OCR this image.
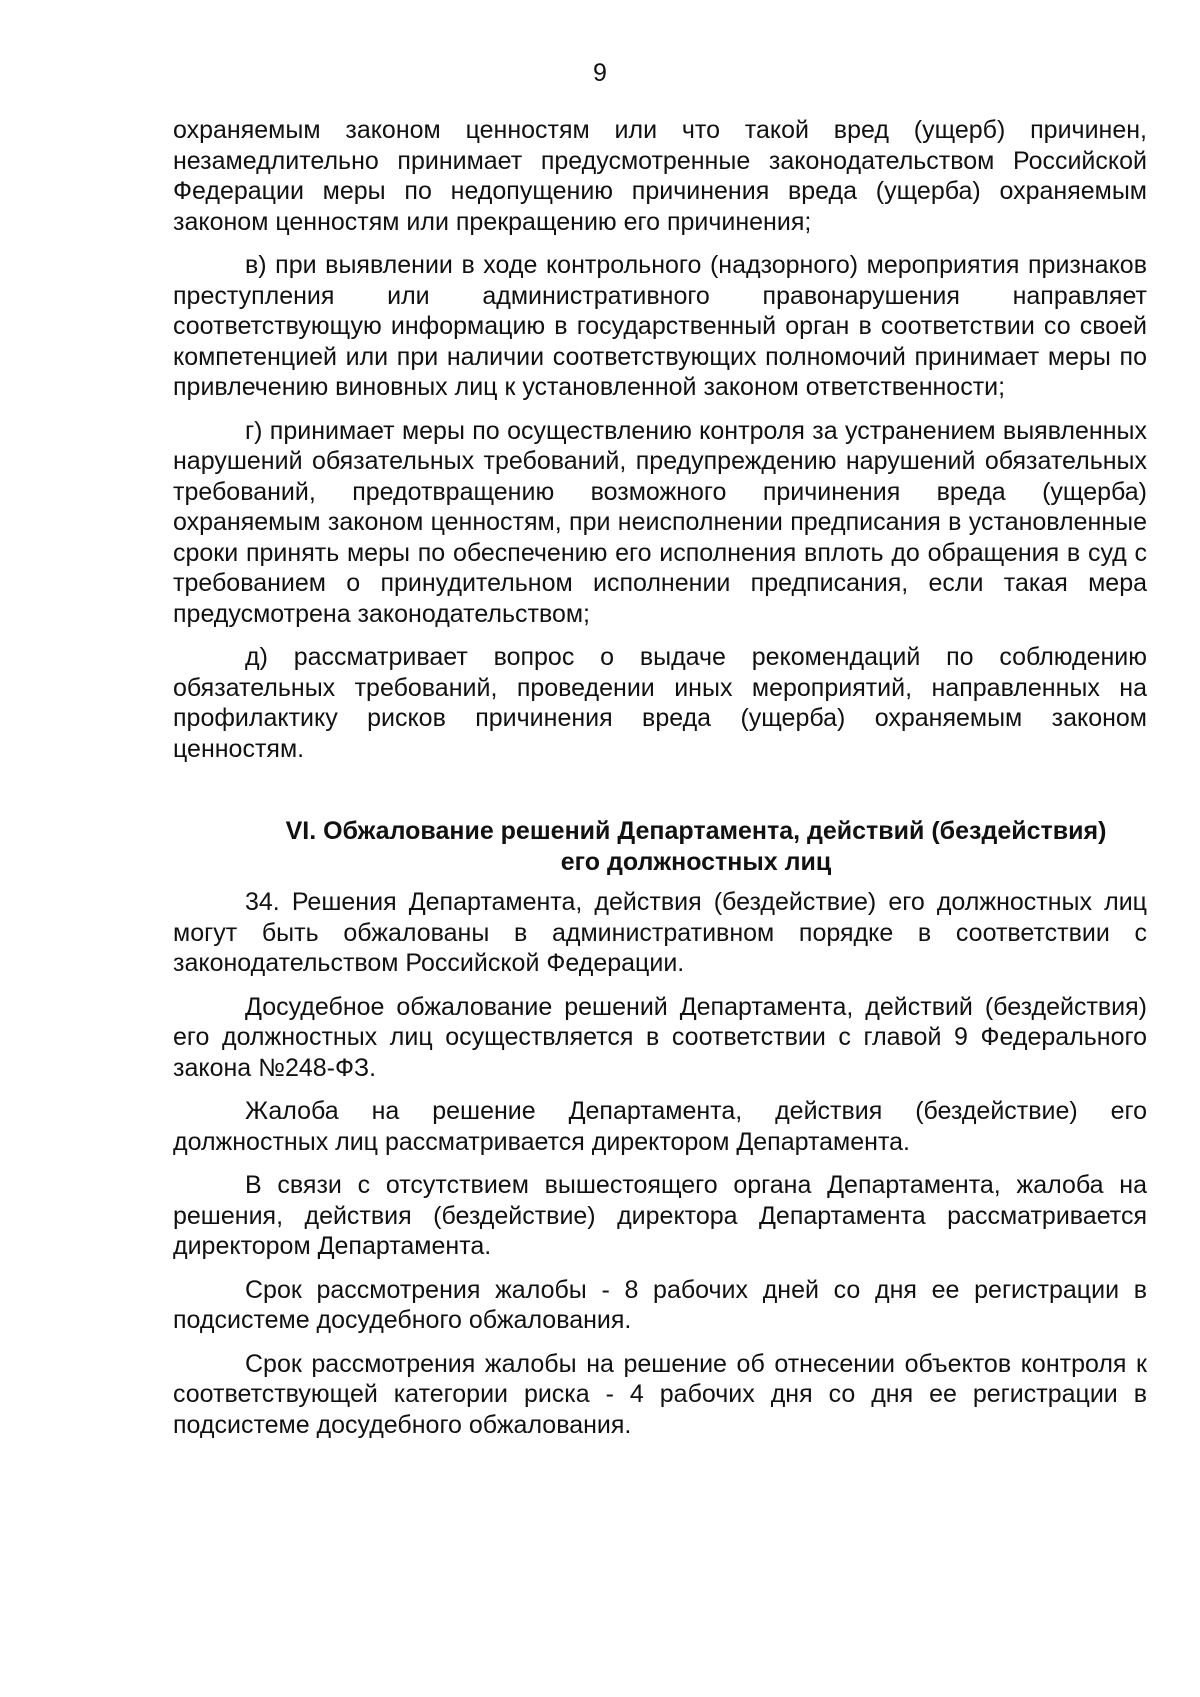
9

охраняемым законом ценностям или что такой вред (ущерб) причинен, незамедлительно принимает предусмотренные законодательством Российской Федерации меры по недопущению причинения вреда (ущерба) охраняемым законом ценностям или прекращению его причинения;

в) при выявлении в ходе контрольного (надзорного) мероприятия признаков преступления или административного правонарушения направляет соответствующую информацию в государственный орган в соответствии со своей компетенцией или при наличии соответствующих полномочий принимает меры по привлечению виновных лиц к установленной законом ответственности;

г) принимает меры по осуществлению контроля за устранением выявленных нарушений обязательных требований, предупреждению нарушений обязательных требований, предотвращению возможного причинения вреда (ущерба) охраняемым законом ценностям, при неисполнении предписания в установленные сроки принять меры по обеспечению его исполнения вплоть до обращения в суд с требованием о принудительном исполнении предписания, если такая мера предусмотрена законодательством;

д) рассматривает вопрос о выдаче рекомендаций по соблюдению обязательных требований, проведении иных мероприятий, направленных на профилактику рисков причинения вреда (ущерба) охраняемым законом ценностям.

VI. Обжалование решений Департамента, действий (бездействия)
его должностных лиц

34. Решения Департамента, действия (бездействие) его должностных лиц могут быть обжалованы в административном порядке в соответствии с законодательством Российской Федерации.

Досудебное обжалование решений Департамента, действий (бездействия) его должностных лиц осуществляется в соответствии с главой 9 Федерального закона №248-ФЗ.

Жалоба на решение Департамента, действия (бездействие) его должностных лиц рассматривается директором Департамента.

В связи с отсутствием вышестоящего органа Департамента, жалоба на решения, действия (бездействие) директора Департамента рассматривается директором Департамента.

Срок рассмотрения жалобы - 8 рабочих дней со дня ее регистрации в подсистеме досудебного обжалования.

Срок рассмотрения жалобы на решение об отнесении объектов контроля к соответствующей категории риска - 4 рабочих дня со дня ее регистрации в подсистеме досудебного обжалования.
